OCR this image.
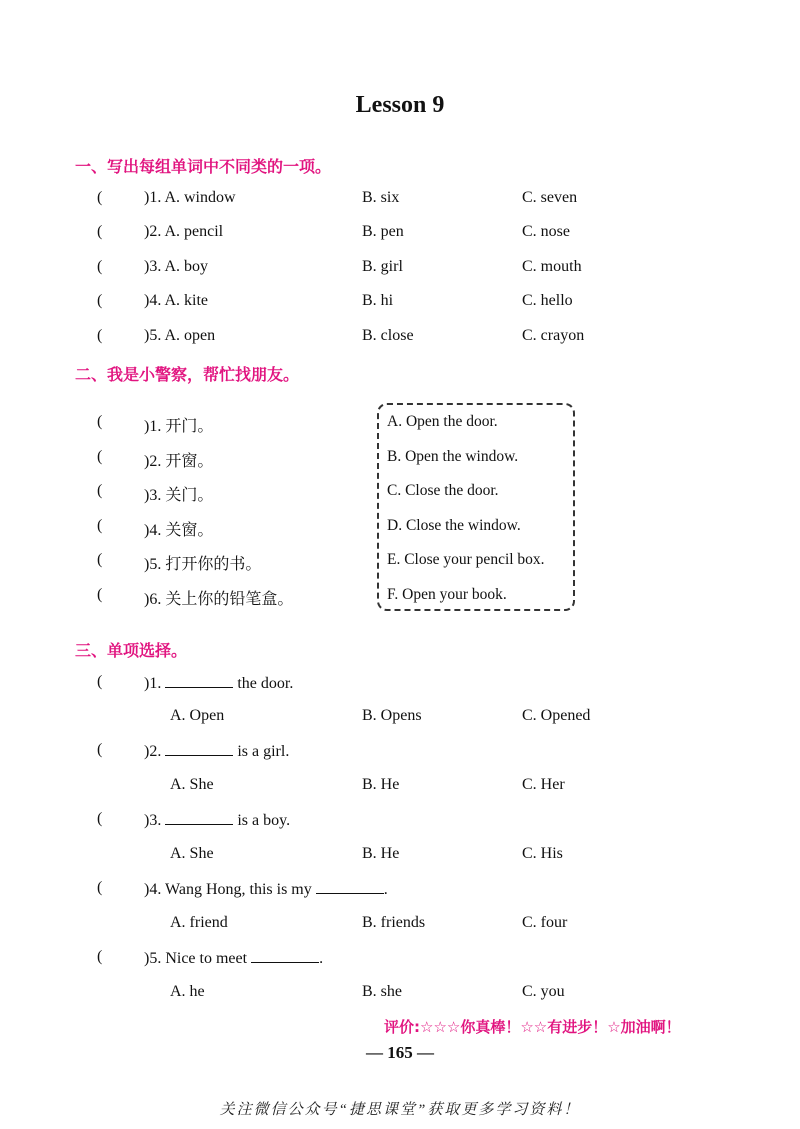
Lesson 9
一、写出每组单词中不同类的一项。
(	)1. A. window	B. six	C. seven
(	)2. A. pencil	B. pen	C. nose
(	)3. A. boy	B. girl	C. mouth
(	)4. A. kite	B. hi	C. hello
(	)5. A. open	B. close	C. crayon
二、我是小警察，帮忙找朋友。
(	)1. 开门。
(	)2. 开窗。
(	)3. 关门。
(	)4. 关窗。
(	)5. 打开你的书。
(	)6. 关上你的铅笔盒。
A. Open the door.
B. Open the window.
C. Close the door.
D. Close the window.
E. Close your pencil box.
F. Open your book.
三、单项选择。
(	)1.	the door.
A. Open	B. Opens	C. Opened
(	)2.	is a girl.
A. She	B. He	C. Her
(	)3.	is a boy.
A. She	B. He	C. His
(	)4. Wang Hong, this is my	.
A. friend	B. friends	C. four
(	)5. Nice to meet	.
A. he	B. she	C. you
评价:☆☆☆你真棒！☆☆有进步！☆加油啊！
— 165 —
关注微信公众号“捷思课堂”获取更多学习资料！
